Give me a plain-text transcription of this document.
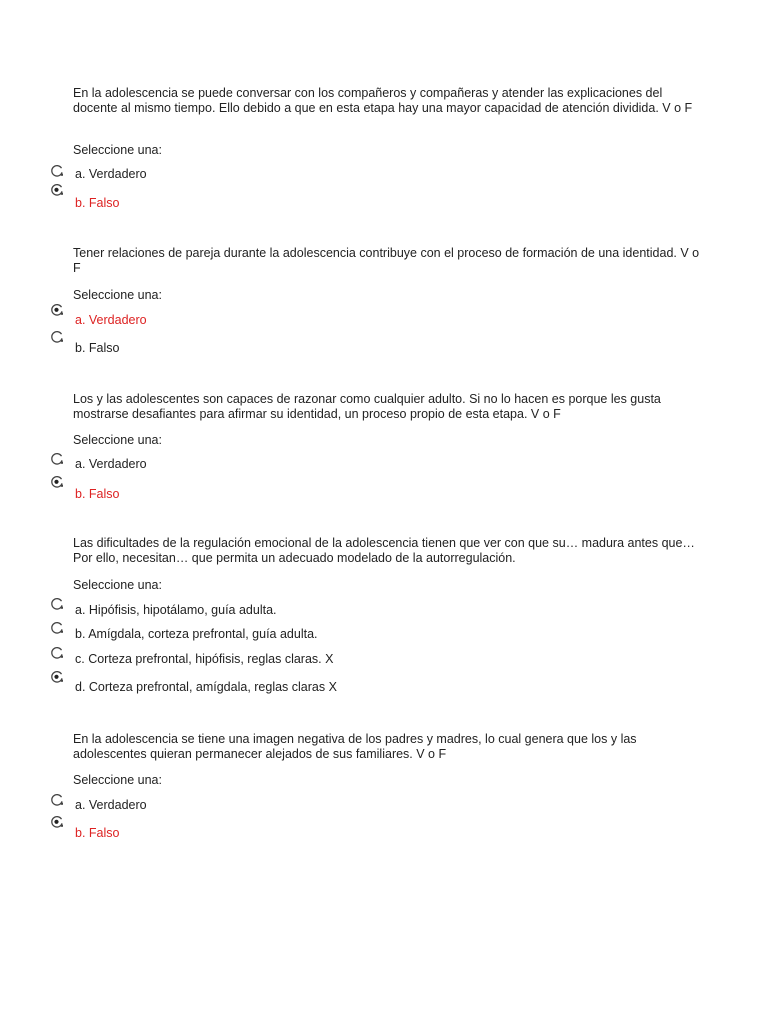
En la adolescencia se puede conversar con los compañeros y compañeras y atender las explicaciones del docente al mismo tiempo. Ello debido a que en esta etapa hay una mayor capacidad de atención dividida. V o F

Seleccione una:
a. Verdadero
b. Falso

Tener relaciones de pareja durante la adolescencia contribuye con el proceso de formación de una identidad. V o F

Seleccione una:
a. Verdadero
b. Falso

Los y las adolescentes son capaces de razonar como cualquier adulto. Si no lo hacen es porque les gusta mostrarse desafiantes para afirmar su identidad, un proceso propio de esta etapa. V o F

Seleccione una:
a. Verdadero
b. Falso

Las dificultades de la regulación emocional de la adolescencia tienen que ver con que su… madura antes que… Por ello, necesitan… que permita un adecuado modelado de la autorregulación.

Seleccione una:
a. Hipófisis, hipotálamo, guía adulta.
b. Amígdala, corteza prefrontal, guía adulta.
c. Corteza prefrontal, hipófisis, reglas claras. X
d. Corteza prefrontal, amígdala, reglas claras X

En la adolescencia se tiene una imagen negativa de los padres y madres, lo cual genera que los y las adolescentes quieran permanecer alejados de sus familiares. V o F

Seleccione una:
a. Verdadero
b. Falso
